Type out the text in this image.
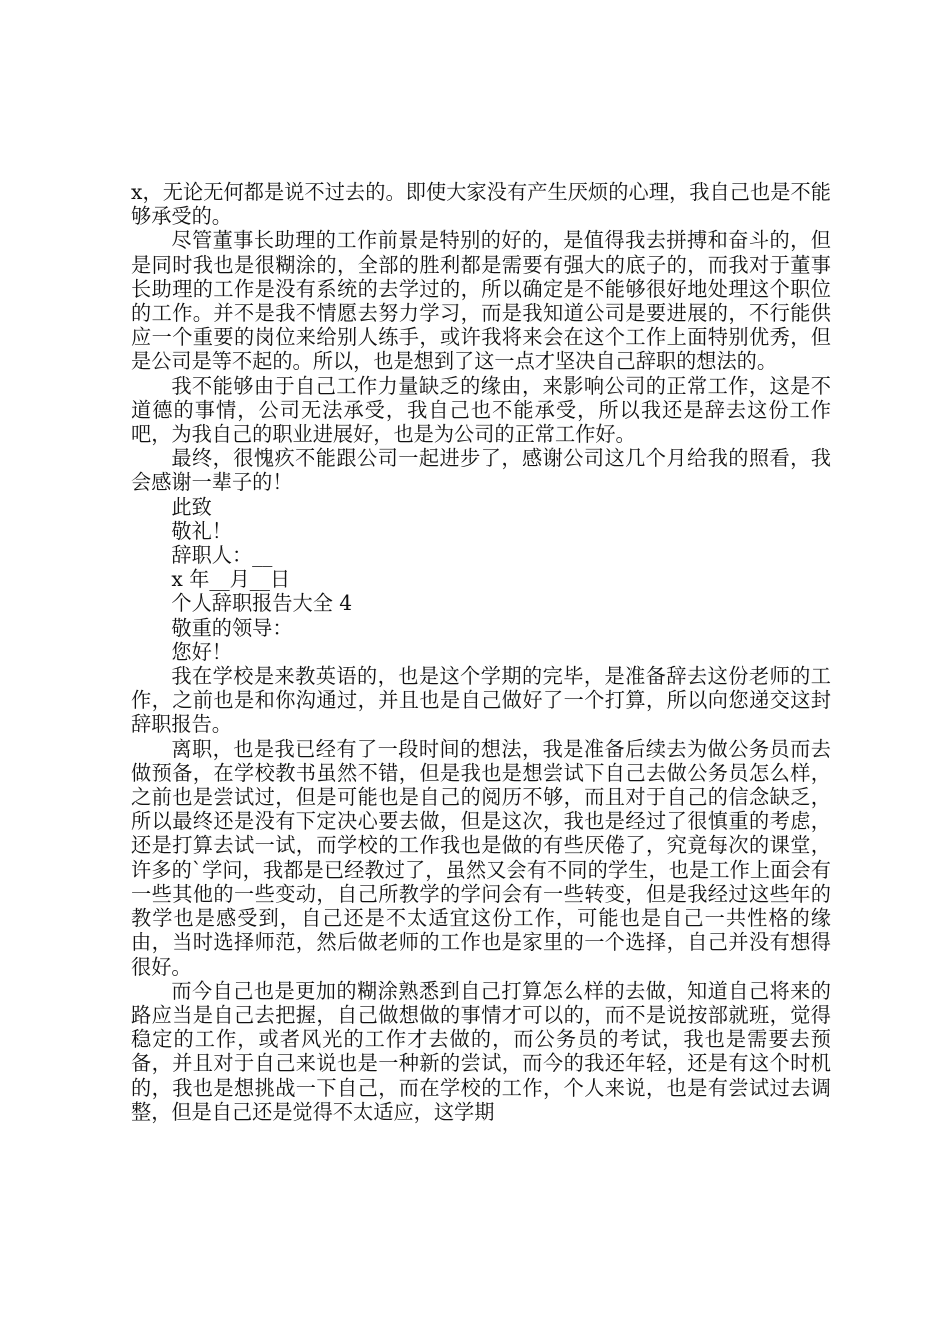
x，无论无何都是说不过去的。即使大家没有产生厌烦的心理，我自己也是不能够承受的。

尽管董事长助理的工作前景是特别的好的，是值得我去拼搏和奋斗的，但是同时我也是很糊涂的，全部的胜利都是需要有强大的底子的，而我对于董事长助理的工作是没有系统的去学过的，所以确定是不能够很好地处理这个职位的工作。并不是我不情愿去努力学习，而是我知道公司是要进展的，不行能供应一个重要的岗位来给别人练手，或许我将来会在这个工作上面特别优秀，但是公司是等不起的。所以，也是想到了这一点才坚决自己辞职的想法的。

我不能够由于自己工作力量缺乏的缘由，来影响公司的正常工作，这是不道德的事情，公司无法承受，我自己也不能承受，所以我还是辞去这份工作吧，为我自己的职业进展好，也是为公司的正常工作好。

最终，很愧疚不能跟公司一起进步了，感谢公司这几个月给我的照看，我会感谢一辈子的！

此致

敬礼！

辞职人：__

x 年__月__日

个人辞职报告大全 4

敬重的领导：

您好！

我在学校是来教英语的，也是这个学期的完毕，是准备辞去这份老师的工作，之前也是和你沟通过，并且也是自己做好了一个打算，所以向您递交这封辞职报告。

离职，也是我已经有了一段时间的想法，我是准备后续去为做公务员而去做预备，在学校教书虽然不错，但是我也是想尝试下自己去做公务员怎么样，之前也是尝试过，但是可能也是自己的阅历不够，而且对于自己的信念缺乏，所以最终还是没有下定决心要去做，但是这次，我也是经过了很慎重的考虑，还是打算去试一试，而学校的工作我也是做的有些厌倦了，究竟每次的课堂，许多的`学问，我都是已经教过了，虽然又会有不同的学生，也是工作上面会有一些其他的一些变动，自己所教学的学问会有一些转变，但是我经过这些年的教学也是感受到，自己还是不太适宜这份工作，可能也是自己一共性格的缘由，当时选择师范，然后做老师的工作也是家里的一个选择，自己并没有想得很好。

而今自己也是更加的糊涂熟悉到自己打算怎么样的去做，知道自己将来的路应当是自己去把握，自己做想做的事情才可以的，而不是说按部就班，觉得稳定的工作，或者风光的工作才去做的，而公务员的考试，我也是需要去预备，并且对于自己来说也是一种新的尝试，而今的我还年轻，还是有这个时机的，我也是想挑战一下自己，而在学校的工作，个人来说，也是有尝试过去调整，但是自己还是觉得不太适应，这学期
